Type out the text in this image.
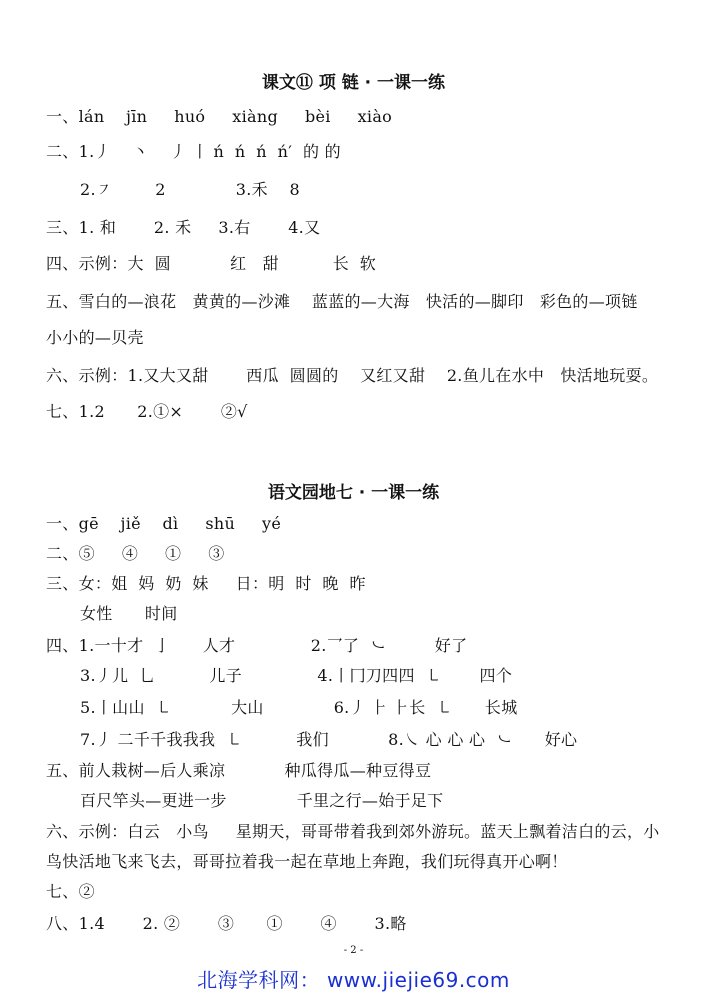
课文⑪ 项 链 · 一课一练
一、lán    jīn     huó     xiàng     bèi     xiào
二、1.丿    丶    丿 丨 ń  ń  ń  ń′  的 的
2.㇇        2             3.禾    8
三、1. 和       2. 禾     3.右       4.又
四、示例：大  圆           红   甜          长  软
五、雪白的—浪花   黄黄的—沙滩    蓝蓝的—大海   快活的—脚印   彩色的—项链
小小的—贝壳
六、示例：1.又大又甜       西瓜  圆圆的    又红又甜    2.鱼儿在水中   快活地玩耍。
七、1.2      2.①×       ②√
语文园地七 · 一课一练
一、gē    jiě    dì     shū     yé
二、⑤     ④     ①     ③
三、女：姐  妈  奶  妹     日：明  时  晚  昨
女性      时间
四、1.一十才  亅      人才              2.乛了  ㇃         好了
3.丿儿  乚          儿子              4.丨冂刀四四  ㇄       四个
5.丨山山  ㇄           大山             6.丿 ⺊ ⺊长  ㇄      长城
7.丿 二千千我我我  ㇄          我们           8.㇏ 心 心 心  ㇃      好心
五、前人栽树—后人乘凉           种瓜得瓜—种豆得豆
百尺竿头—更进一步             千里之行—始于足下
六、示例：白云   小鸟     星期天，哥哥带着我到郊外游玩。蓝天上飘着洁白的云，小
鸟快活地飞来飞去，哥哥拉着我一起在草地上奔跑，我们玩得真开心啊！
七、②
八、1.4       2. ②       ③      ①       ④       3.略
- 2 -
北海学科网： www.jiejie69.com
